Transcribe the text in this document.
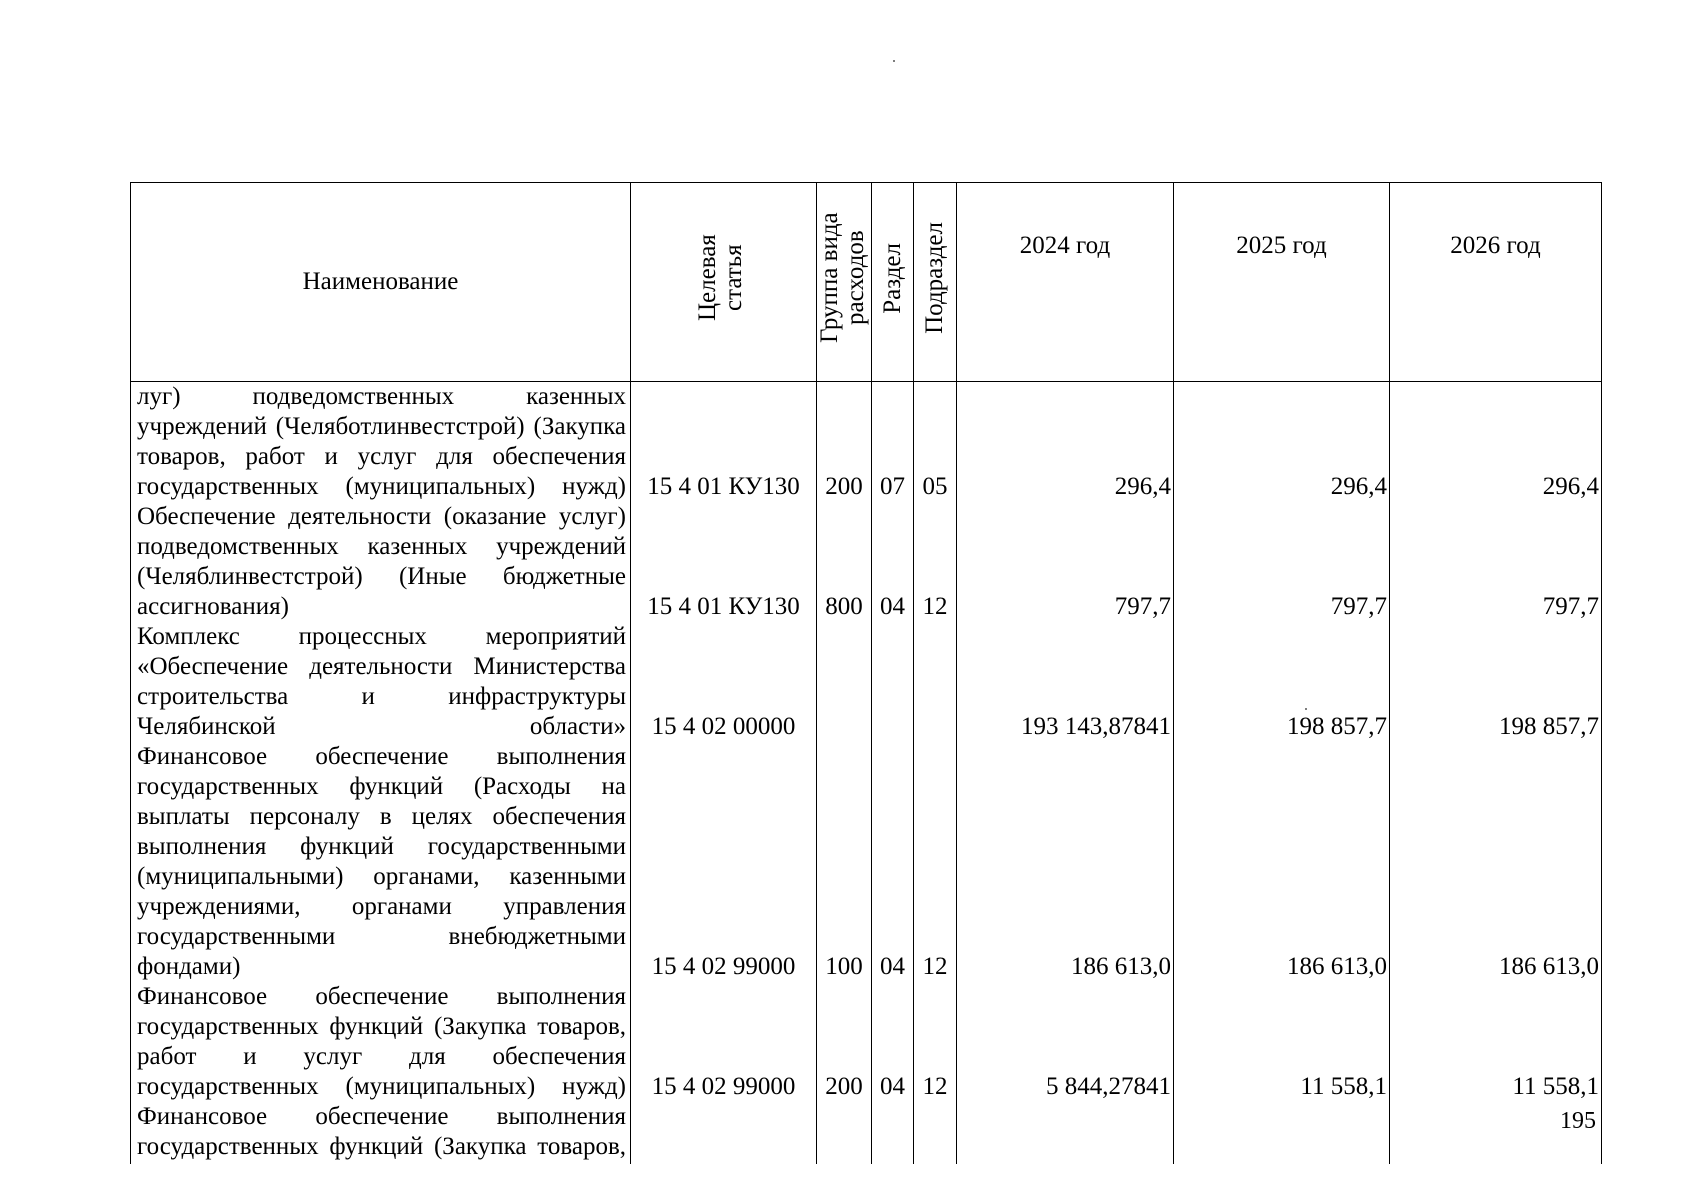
Наименование	Целевая статья	Группа вида расходов	Раздел	Подраздел	2024 год	2025 год	2026 год
луг) подведомственных казенных учреждений (Челяботлинвестстрой) (Закупка товаров, работ и услуг для обеспечения государственных (муниципальных) нужд)	15 4 01 КУ130	200	07	05	296,4	296,4	296,4
Обеспечение деятельности (оказание услуг) подведомственных казенных учреждений (Челяблинвестстрой) (Иные бюджетные ассигнования)	15 4 01 КУ130	800	04	12	797,7	797,7	797,7
Комплекс процессных мероприятий «Обеспечение деятельности Министерства строительства и инфраструктуры Челябинской области»	15 4 02 00000				193 143,87841	198 857,7	198 857,7
Финансовое обеспечение выполнения государственных функций (Расходы на выплаты персоналу в целях обеспечения выполнения функций государственными (муниципальными) органами, казенными учреждениями, органами управления государственными внебюджетными фондами)	15 4 02 99000	100	04	12	186 613,0	186 613,0	186 613,0
Финансовое обеспечение выполнения государственных функций (Закупка товаров, работ и услуг для обеспечения государственных (муниципальных) нужд)	15 4 02 99000	200	04	12	5 844,27841	11 558,1	11 558,1
Финансовое обеспечение выполнения государственных функций (Закупка товаров,							
195
